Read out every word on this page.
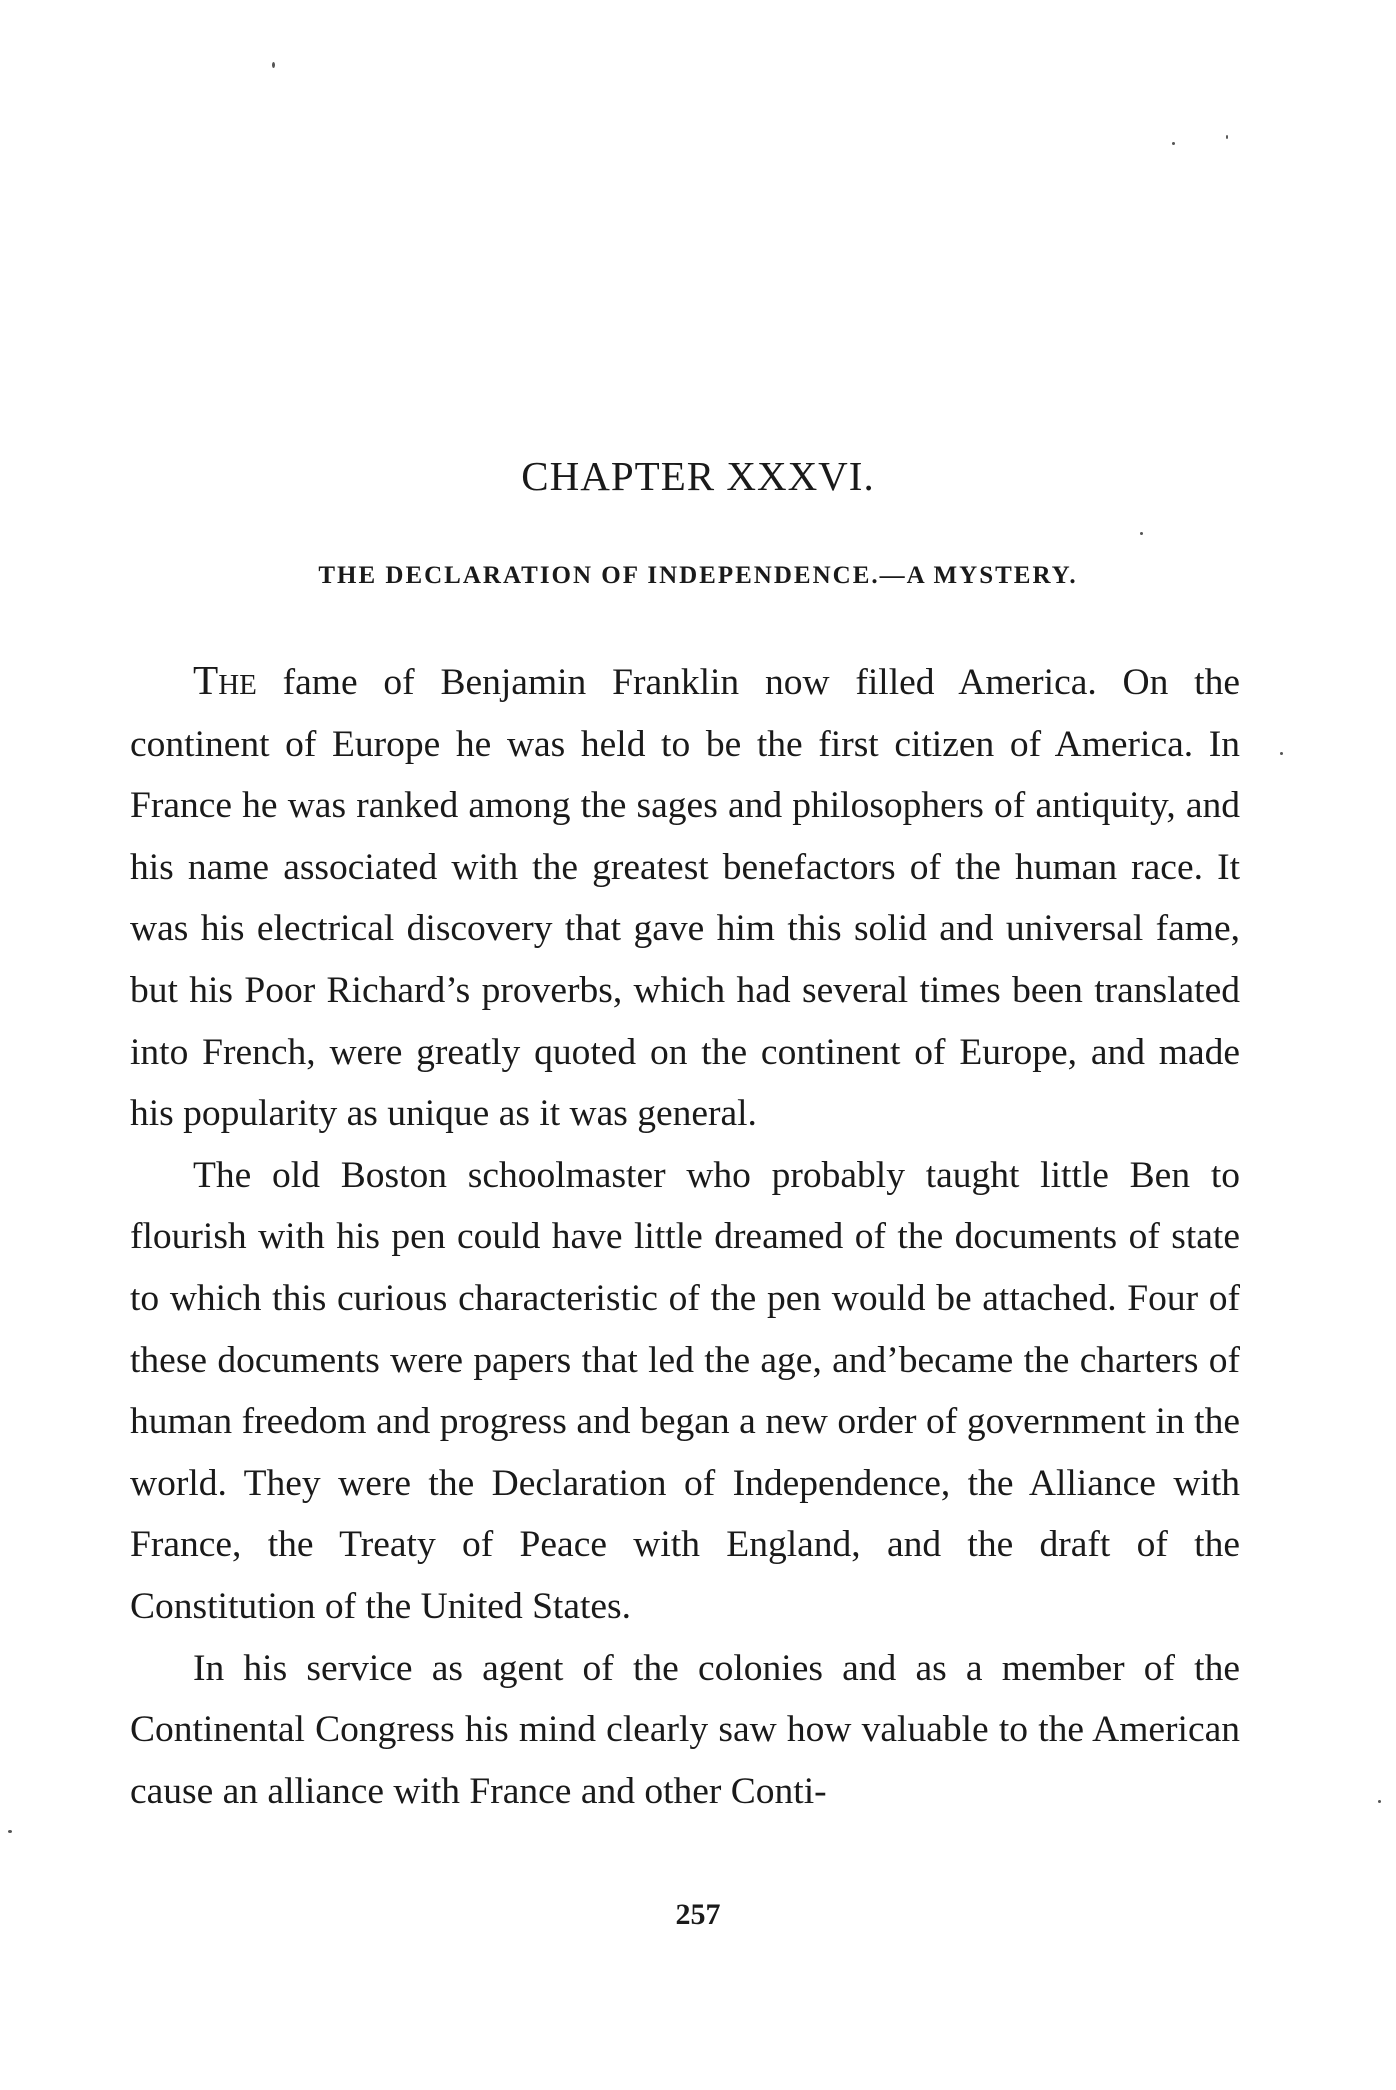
CHAPTER XXXVI.
THE DECLARATION OF INDEPENDENCE.—A MYSTERY.

The fame of Benjamin Franklin now filled America. On the continent of Europe he was held to be the first citizen of America. In France he was ranked among the sages and philosophers of antiquity, and his name associated with the greatest benefactors of the human race. It was his electrical discovery that gave him this solid and universal fame, but his Poor Richard’s proverbs, which had several times been translated into French, were greatly quoted on the continent of Europe, and made his popularity as unique as it was general.

The old Boston schoolmaster who probably taught little Ben to flourish with his pen could have little dreamed of the documents of state to which this curious characteristic of the pen would be attached. Four of these documents were papers that led the age, and’became the charters of human freedom and progress and began a new order of government in the world. They were the Declaration of Independence, the Alliance with France, the Treaty of Peace with England, and the draft of the Constitution of the United States.

In his service as agent of the colonies and as a member of the Continental Congress his mind clearly saw how valuable to the American cause an alliance with France and other Conti-

257
